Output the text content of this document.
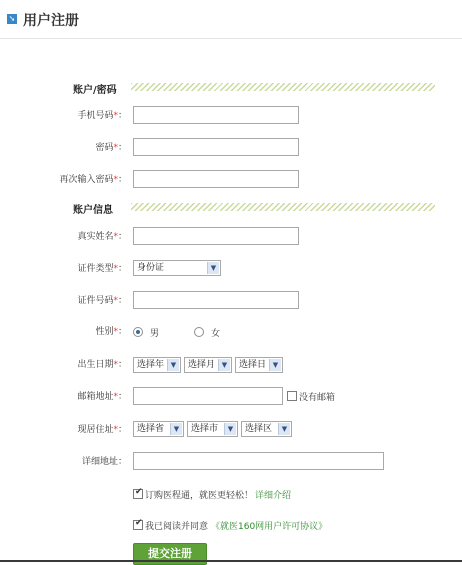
➘ 用户注册
账户/密码
手机号码*：
密码*：
再次输入密码*：
账户信息
真实姓名*：
证件类型*：	身份证	▼
证件号码*：
性别*：	男	女
出生日期*：	选择年 ▼	选择月 ▼	选择日 ▼
邮箱地址*：	没有邮箱
现居住址*：	选择省	▼	选择市	▼	选择区	▼
详细地址：
✔ 订购医程通，就医更轻松！ 详细介绍
✔ 我已阅读并同意 《就医160网用户许可协议》
提交注册
